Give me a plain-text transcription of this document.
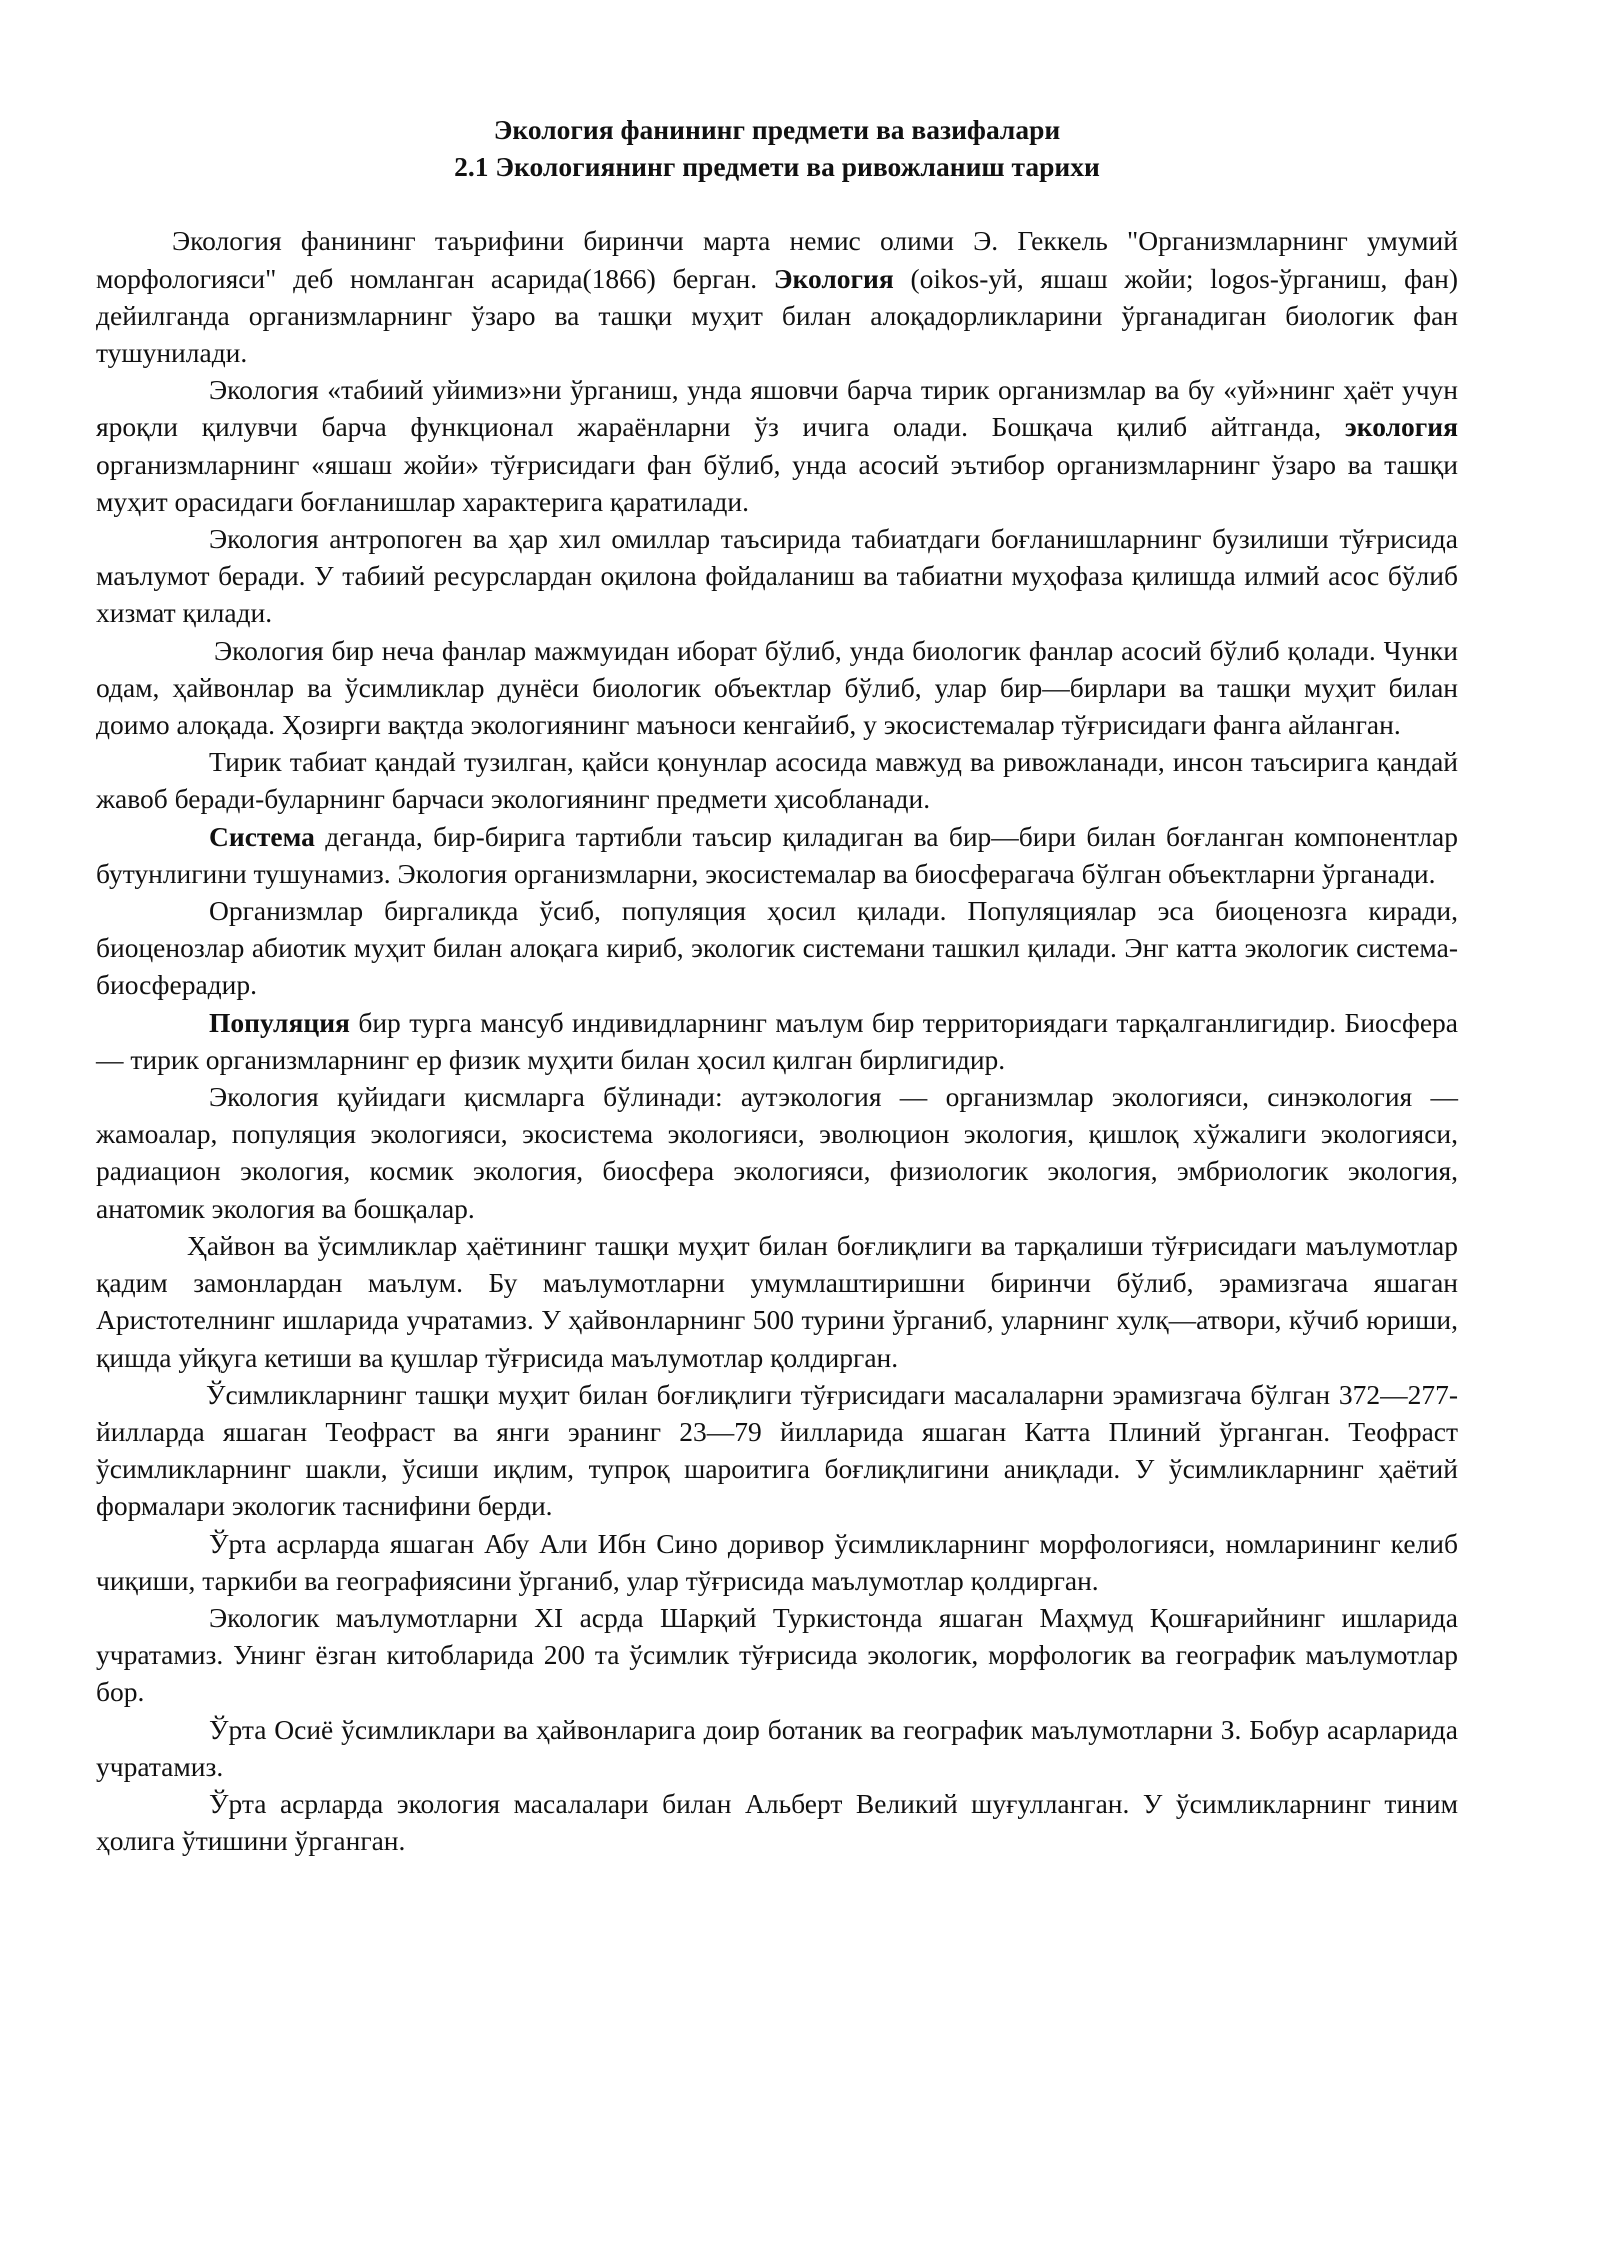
Экология фанининг предмети ва вазифалари

2.1 Экологиянинг предмети ва ривожланиш тарихи

Экология фанининг таърифини биринчи марта немис олими Э. Геккель "Организмларнинг умумий морфологияси" деб номланган асарида(1866) берган. Экология (oikos-уй, яшаш жойи; logos-ўрганиш, фан) дейилганда организмларнинг ўзаро ва ташқи муҳит билан алоқадорликларини ўрганадиган биологик фан тушунилади.

Экология «табиий уйимиз»ни ўрганиш, унда яшовчи барча тирик организмлар ва бу «уй»нинг ҳаёт учун яроқли қилувчи барча функционал жараёнларни ўз ичига олади. Бошқача қилиб айтганда, экология организмларнинг «яшаш жойи» тўғрисидаги фан бўлиб, унда асосий эътибор организмларнинг ўзаро ва ташқи муҳит орасидаги боғланишлар характерига қаратилади.

Экология антропоген ва ҳар хил омиллар таъсирида табиатдаги боғланишларнинг бузилиши тўғрисида маълумот беради. У табиий ресурслардан оқилона фойдаланиш ва табиатни муҳофаза қилишда илмий асос бўлиб хизмат қилади.

Экология бир неча фанлар мажмуидан иборат бўлиб, унда биологик фанлар асосий бўлиб қолади. Чунки одам, ҳайвонлар ва ўсимликлар дунёси биологик объектлар бўлиб, улар бир—бирлари ва ташқи муҳит билан доимо алоқада. Ҳозирги вақтда экологиянинг маъноси кенгайиб, у экосистемалар тўғрисидаги фанга айланган.

Тирик табиат қандай тузилган, қайси қонунлар асосида мавжуд ва ривожланади, инсон таъсирига қандай жавоб беради-буларнинг барчаси экологиянинг предмети ҳисобланади.

Система деганда, бир-бирига тартибли таъсир қиладиган ва бир—бири билан боғланган компонентлар бутунлигини тушунамиз. Экология организмларни, экосистемалар ва биосферагача бўлган объектларни ўрганади.

Организмлар биргаликда ўсиб, популяция ҳосил қилади. Популяциялар эса биоценозга киради, биоценозлар абиотик муҳит билан алоқага кириб, экологик системани ташкил қилади. Энг катта экологик система- биосферадир.

Популяция бир турга мансуб индивидларнинг маълум бир территориядаги тарқалганлигидир. Биосфера — тирик организмларнинг ер физик муҳити билан ҳосил қилган бирлигидир.

Экология қуйидаги қисмларга бўлинади: аутэкология — организмлар экологияси, синэкология —жамоалар, популяция экологияси, экосистема экологияси, эволюцион экология, қишлоқ хўжалиги экологияси, радиацион экология, космик экология, биосфера экологияси, физиологик экология, эмбриологик экология, анатомик экология ва бошқалар.

Ҳайвон ва ўсимликлар ҳаётининг ташқи муҳит билан боғлиқлиги ва тарқалиши тўғрисидаги маълумотлар қадим замонлардан маълум. Бу маълумотларни умумлаштиришни биринчи бўлиб, эрамизгача яшаган Аристотелнинг ишларида учратамиз. У ҳайвонларнинг 500 турини ўрганиб, уларнинг хулқ—атвори, кўчиб юриши, қишда уйқуга кетиши ва қушлар тўғрисида маълумотлар қолдирган.

Ўсимликларнинг ташқи муҳит билан боғлиқлиги тўғрисидаги масалаларни эрамизгача бўлган 372—277-йилларда яшаган Теофраст ва янги эранинг 23—79 йилларида яшаган Катта Плиний ўрганган. Теофраст ўсимликларнинг шакли, ўсиши иқлим, тупроқ шароитига боғлиқлигини аниқлади. У ўсимликларнинг ҳаётий формалари экологик таснифини берди.

Ўрта асрларда яшаган Абу Али Ибн Сино доривор ўсимликларнинг морфологияси, номларининг келиб чиқиши, таркиби ва географиясини ўрганиб, улар тўғрисида маълумотлар қолдирган.

Экологик маълумотларни XI асрда Шарқий Туркистонда яшаган Маҳмуд Қошғарийнинг ишларида учратамиз. Унинг ёзган китобларида 200 та ўсимлик тўғрисида экологик, морфологик ва географик маълумотлар бор.

Ўрта Осиё ўсимликлари ва ҳайвонларига доир ботаник ва географик маълумотларни З. Бобур асарларида учратамиз.

Ўрта асрларда экология масалалари билан Альберт Великий шуғулланган. У ўсимликларнинг тиним ҳолига ўтишини ўрганган.
